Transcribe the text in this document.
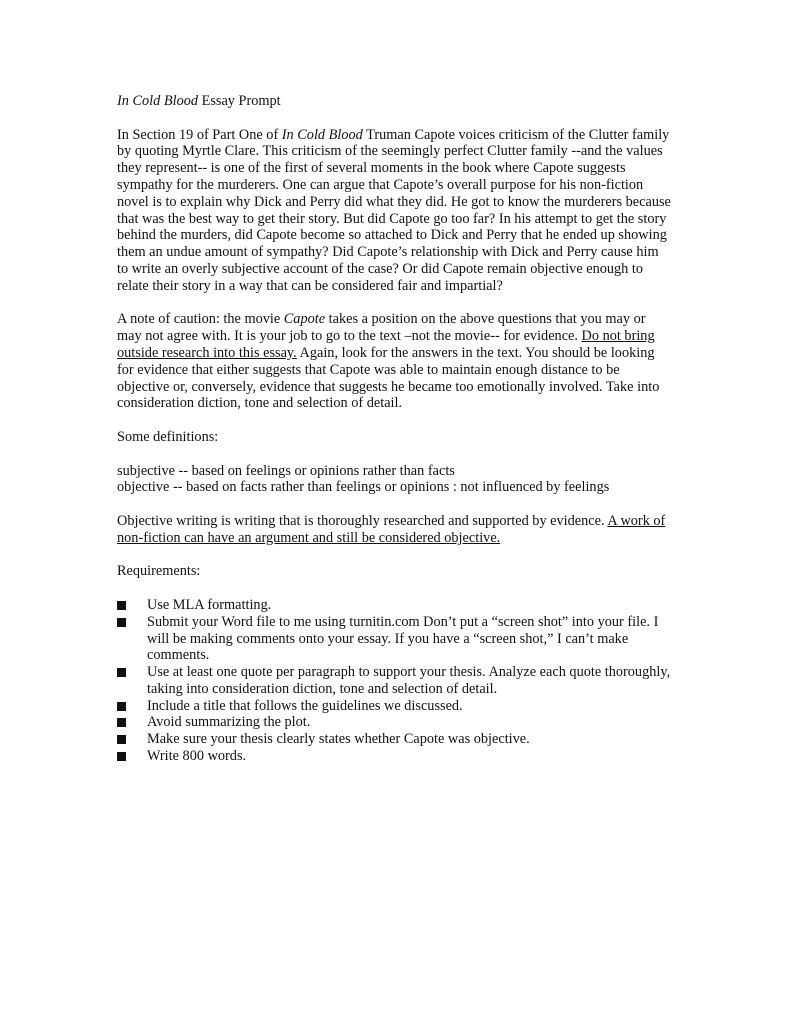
In Cold Blood Essay Prompt

In Section 19 of Part One of In Cold Blood Truman Capote voices criticism of the Clutter family by quoting Myrtle Clare. This criticism of the seemingly perfect Clutter family --and the values they represent-- is one of the first of several moments in the book where Capote suggests sympathy for the murderers. One can argue that Capote’s overall purpose for his non-fiction novel is to explain why Dick and Perry did what they did. He got to know the murderers because that was the best way to get their story. But did Capote go too far? In his attempt to get the story behind the murders, did Capote become so attached to Dick and Perry that he ended up showing them an undue amount of sympathy? Did Capote’s relationship with Dick and Perry cause him to write an overly subjective account of the case? Or did Capote remain objective enough to relate their story in a way that can be considered fair and impartial?

A note of caution: the movie Capote takes a position on the above questions that you may or may not agree with. It is your job to go to the text –not the movie-- for evidence. Do not bring outside research into this essay. Again, look for the answers in the text. You should be looking for evidence that either suggests that Capote was able to maintain enough distance to be objective or, conversely, evidence that suggests he became too emotionally involved. Take into consideration diction, tone and selection of detail.

Some definitions:

subjective -- based on feelings or opinions rather than facts

objective -- based on facts rather than feelings or opinions : not influenced by feelings

Objective writing is writing that is thoroughly researched and supported by evidence. A work of non-fiction can have an argument and still be considered objective.

Requirements:

Use MLA formatting.
Submit your Word file to me using turnitin.com Don’t put a “screen shot” into your file. I will be making comments onto your essay. If you have a “screen shot,” I can’t make comments.
Use at least one quote per paragraph to support your thesis. Analyze each quote thoroughly, taking into consideration diction, tone and selection of detail.
Include a title that follows the guidelines we discussed.
Avoid summarizing the plot.
Make sure your thesis clearly states whether Capote was objective.
Write 800 words.
